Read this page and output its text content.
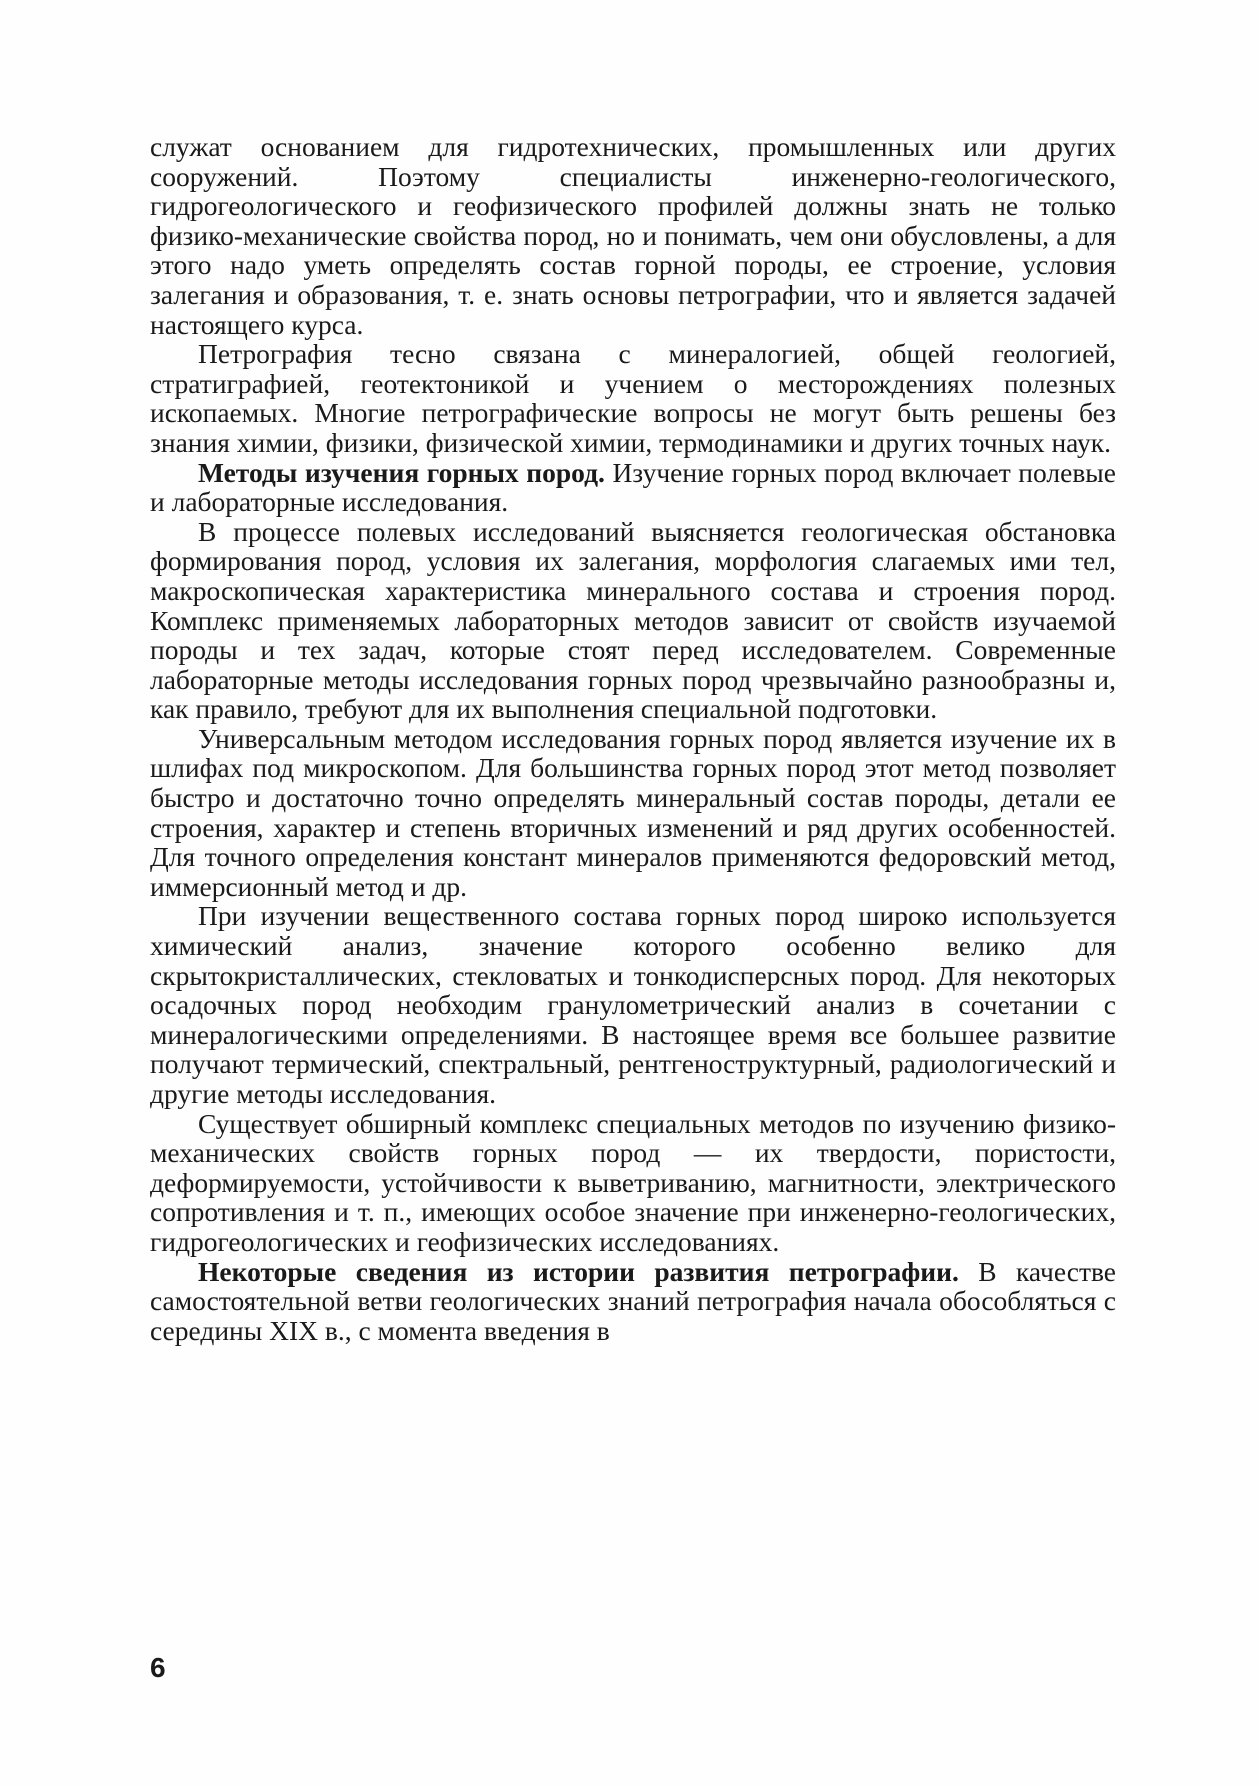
служат основанием для гидротехнических, промышленных или других сооружений. Поэтому специалисты инженерно-геологического, гидрогеологического и геофизического профилей должны знать не только физико-механические свойства пород, но и понимать, чем они обусловлены, а для этого надо уметь определять состав горной породы, ее строение, условия залегания и образования, т. е. знать основы петрографии, что и является задачей настоящего курса.

Петрография тесно связана с минералогией, общей геологией, стратиграфией, геотектоникой и учением о месторождениях полезных ископаемых. Многие петрографические вопросы не могут быть решены без знания химии, физики, физической химии, термодинамики и других точных наук.

Методы изучения горных пород. Изучение горных пород включает полевые и лабораторные исследования.

В процессе полевых исследований выясняется геологическая обстановка формирования пород, условия их залегания, морфология слагаемых ими тел, макроскопическая характеристика минерального состава и строения пород. Комплекс применяемых лабораторных методов зависит от свойств изучаемой породы и тех задач, которые стоят перед исследователем. Современные лабораторные методы исследования горных пород чрезвычайно разнообразны и, как правило, требуют для их выполнения специальной подготовки.

Универсальным методом исследования горных пород является изучение их в шлифах под микроскопом. Для большинства горных пород этот метод позволяет быстро и достаточно точно определять минеральный состав породы, детали ее строения, характер и степень вторичных изменений и ряд других особенностей. Для точного определения констант минералов применяются федоровский метод, иммерсионный метод и др.

При изучении вещественного состава горных пород широко используется химический анализ, значение которого особенно велико для скрытокристаллических, стекловатых и тонкодисперсных пород. Для некоторых осадочных пород необходим гранулометрический анализ в сочетании с минералогическими определениями. В настоящее время все большее развитие получают термический, спектральный, рентгеноструктурный, радиологический и другие методы исследования.

Существует обширный комплекс специальных методов по изучению физико-механических свойств горных пород — их твердости, пористости, деформируемости, устойчивости к выветриванию, магнитности, электрического сопротивления и т. п., имеющих особое значение при инженерно-геологических, гидрогеологических и геофизических исследованиях.

Некоторые сведения из истории развития петрографии. В качестве самостоятельной ветви геологических знаний петрография начала обособляться с середины XIX в., с момента введения в

6
